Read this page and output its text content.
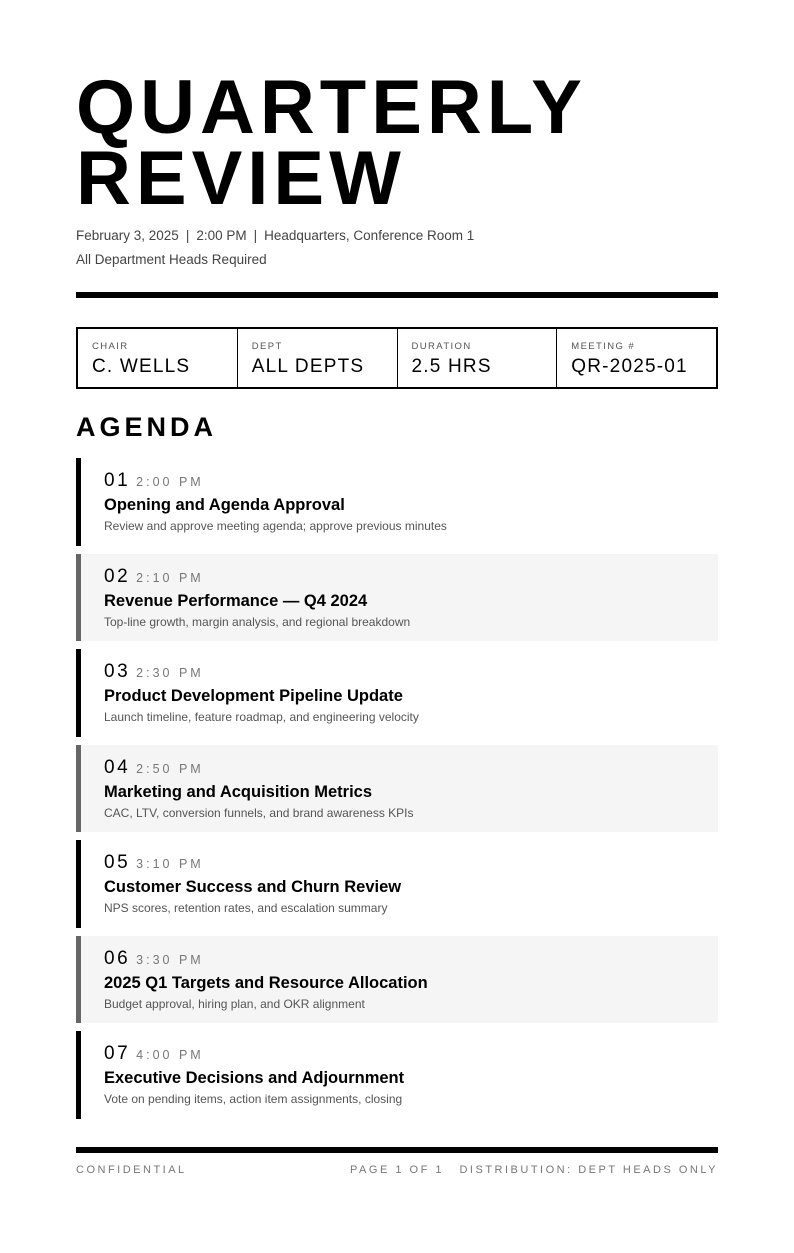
QUARTERLY
REVIEW
February 3, 2025 | 2:00 PM | Headquarters, Conference Room 1
All Department Heads Required
CHAIR
C. WELLS
DEPT
ALL DEPTS
DURATION
2.5 HRS
MEETING #
QR-2025-01
AGENDA
01 2:00 PM
Opening and Agenda Approval
Review and approve meeting agenda; approve previous minutes
02 2:10 PM
Revenue Performance — Q4 2024
Top-line growth, margin analysis, and regional breakdown
03 2:30 PM
Product Development Pipeline Update
Launch timeline, feature roadmap, and engineering velocity
04 2:50 PM
Marketing and Acquisition Metrics
CAC, LTV, conversion funnels, and brand awareness KPIs
05 3:10 PM
Customer Success and Churn Review
NPS scores, retention rates, and escalation summary
06 3:30 PM
2025 Q1 Targets and Resource Allocation
Budget approval, hiring plan, and OKR alignment
07 4:00 PM
Executive Decisions and Adjournment
Vote on pending items, action item assignments, closing
CONFIDENTIAL	PAGE 1 OF 1	DISTRIBUTION: DEPT HEADS ONLY
